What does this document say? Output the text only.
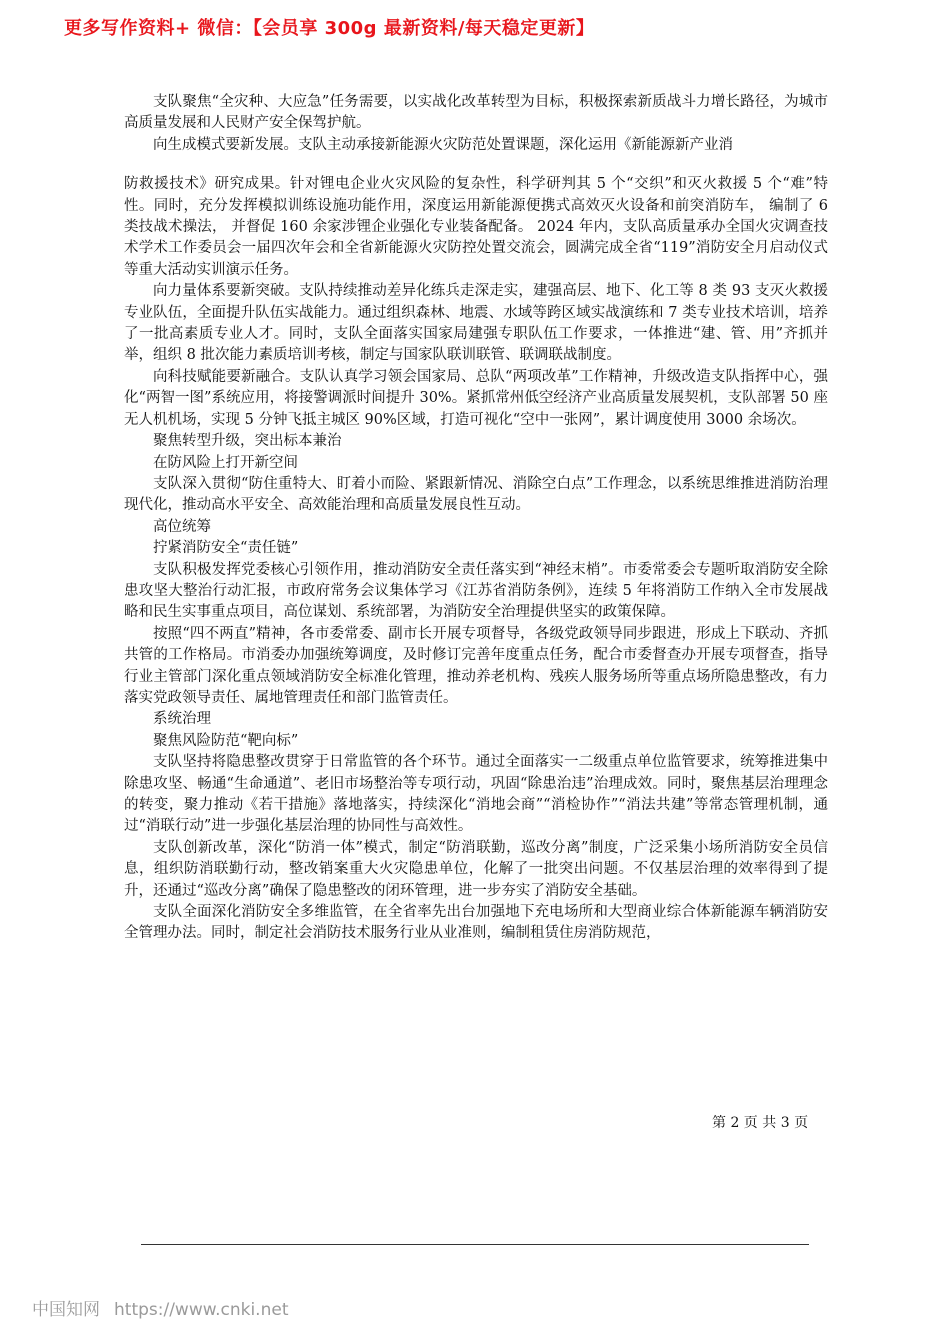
更多写作资料+ 微信：【会员享 300g 最新资料/每天稳定更新】

支队聚焦“全灾种、大应急”任务需要，以实战化改革转型为目标，积极探索新质战斗力增长路径，为城市高质量发展和人民财产安全保驾护航。

向生成模式要新发展。支队主动承接新能源火灾防范处置课题，深化运用《新能源新产业消

防救援技术》研究成果。针对锂电企业火灾风险的复杂性，科学研判其 5 个“交织”和灭火救援 5 个“难”特性。同时，充分发挥模拟训练设施功能作用，深度运用新能源便携式高效灭火设备和前突消防车， 编制了 6 类技战术操法， 并督促 160 余家涉锂企业强化专业装备配备。 2024 年内，支队高质量承办全国火灾调查技术学术工作委员会一届四次年会和全省新能源火灾防控处置交流会，圆满完成全省“119”消防安全月启动仪式等重大活动实训演示任务。

向力量体系要新突破。支队持续推动差异化练兵走深走实，建强高层、地下、化工等 8 类 93 支灭火救援专业队伍，全面提升队伍实战能力。通过组织森林、地震、水域等跨区域实战演练和 7 类专业技术培训，培养了一批高素质专业人才。同时，支队全面落实国家局建强专职队伍工作要求，一体推进“建、管、用”齐抓并举，组织 8 批次能力素质培训考核，制定与国家队联训联管、联调联战制度。

向科技赋能要新融合。支队认真学习领会国家局、总队“两项改革”工作精神，升级改造支队指挥中心，强化“两智一图”系统应用，将接警调派时间提升 30%。紧抓常州低空经济产业高质量发展契机，支队部署 50 座无人机机场，实现 5 分钟飞抵主城区 90%区域，打造可视化“空中一张网”，累计调度使用 3000 余场次。

聚焦转型升级，突出标本兼治

在防风险上打开新空间

支队深入贯彻“防住重特大、盯着小而险、紧跟新情况、消除空白点”工作理念，以系统思维推进消防治理现代化，推动高水平安全、高效能治理和高质量发展良性互动。

高位统筹

拧紧消防安全“责任链”

支队积极发挥党委核心引领作用，推动消防安全责任落实到“神经末梢”。市委常委会专题听取消防安全除患攻坚大整治行动汇报，市政府常务会议集体学习《江苏省消防条例》，连续 5 年将消防工作纳入全市发展战略和民生实事重点项目，高位谋划、系统部署，为消防安全治理提供坚实的政策保障。

按照“四不两直”精神，各市委常委、副市长开展专项督导，各级党政领导同步跟进，形成上下联动、齐抓共管的工作格局。市消委办加强统筹调度，及时修订完善年度重点任务，配合市委督查办开展专项督查，指导行业主管部门深化重点领域消防安全标准化管理，推动养老机构、残疾人服务场所等重点场所隐患整改，有力落实党政领导责任、属地管理责任和部门监管责任。

系统治理

聚焦风险防范“靶向标”

支队坚持将隐患整改贯穿于日常监管的各个环节。通过全面落实一二级重点单位监管要求，统筹推进集中除患攻坚、畅通“生命通道”、老旧市场整治等专项行动，巩固“除患治违”治理成效。同时，聚焦基层治理理念的转变，聚力推动《若干措施》落地落实，持续深化“消地会商”“消检协作”“消法共建”等常态管理机制，通过“消联行动”进一步强化基层治理的协同性与高效性。

支队创新改革，深化“防消一体”模式，制定“防消联勤，巡改分离”制度，广泛采集小场所消防安全员信息，组织防消联勤行动，整改销案重大火灾隐患单位，化解了一批突出问题。不仅基层治理的效率得到了提升，还通过“巡改分离”确保了隐患整改的闭环管理，进一步夯实了消防安全基础。

支队全面深化消防安全多维监管，在全省率先出台加强地下充电场所和大型商业综合体新能源车辆消防安全管理办法。同时，制定社会消防技术服务行业从业准则，编制租赁住房消防规范，

第 2 页 共 3 页
中国知网 https://www.cnki.net
